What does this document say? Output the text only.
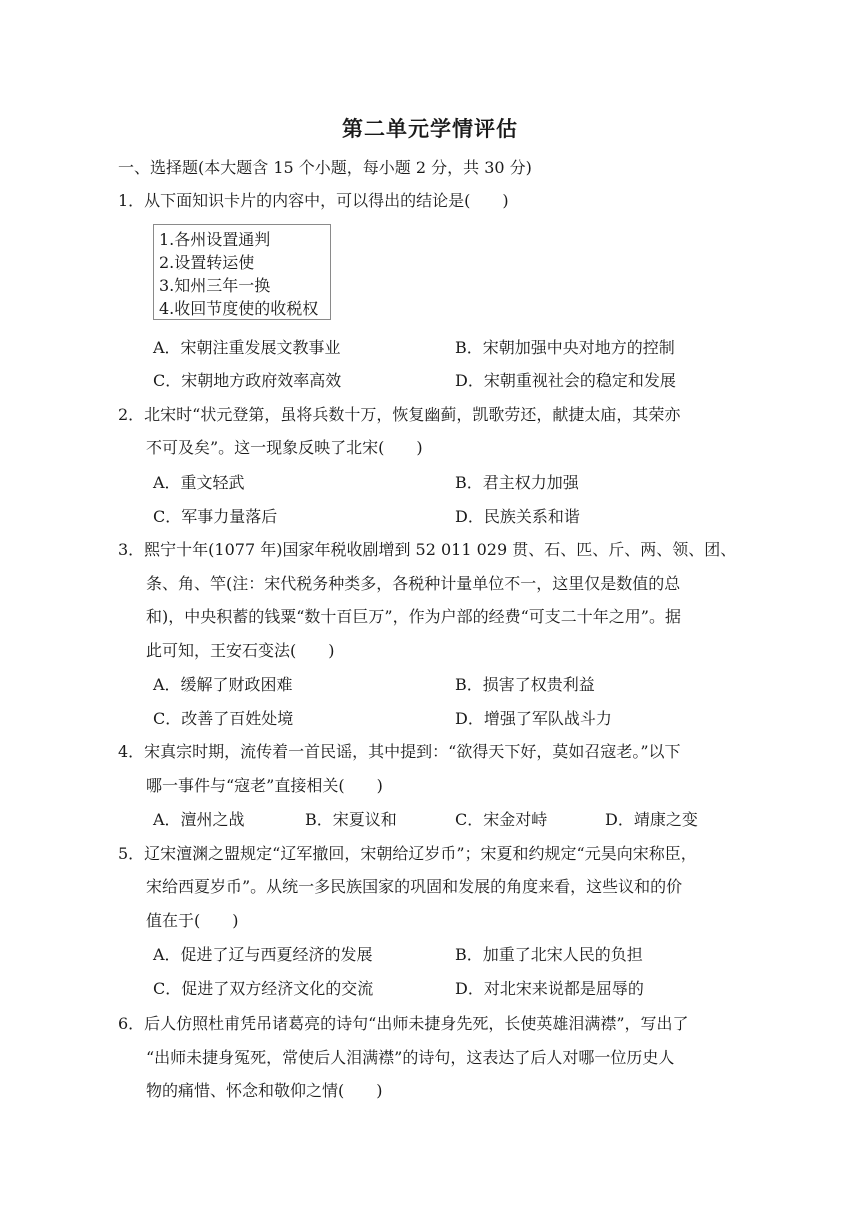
第二单元学情评估
一、选择题(本大题含 15 个小题，每小题 2 分，共 30 分)
1．从下面知识卡片的内容中，可以得出的结论是(　　)
1.各州设置通判
2.设置转运使
3.知州三年一换
4.收回节度使的收税权
A．宋朝注重发展文教事业	B．宋朝加强中央对地方的控制
C．宋朝地方政府效率高效	D．宋朝重视社会的稳定和发展
2．北宋时“状元登第，虽将兵数十万，恢复幽蓟，凯歌劳还，献捷太庙，其荣亦
不可及矣”。这一现象反映了北宋(　　)
A．重文轻武	B．君主权力加强
C．军事力量落后	D．民族关系和谐
3．熙宁十年(1077 年)国家年税收剧增到 52 011 029 贯、石、匹、斤、两、领、团、
条、角、竿(注：宋代税务种类多，各税种计量单位不一，这里仅是数值的总
和)，中央积蓄的钱粟“数十百巨万”，作为户部的经费“可支二十年之用”。据
此可知，王安石变法(　　)
A．缓解了财政困难	B．损害了权贵利益
C．改善了百姓处境	D．增强了军队战斗力
4．宋真宗时期，流传着一首民谣，其中提到：“欲得天下好，莫如召寇老。”以下
哪一事件与“寇老”直接相关(　　)
A．澶州之战	B．宋夏议和	C．宋金对峙	D．靖康之变
5．辽宋澶渊之盟规定“辽军撤回，宋朝给辽岁币”；宋夏和约规定“元昊向宋称臣，
宋给西夏岁币”。从统一多民族国家的巩固和发展的角度来看，这些议和的价
值在于(　　)
A．促进了辽与西夏经济的发展	B．加重了北宋人民的负担
C．促进了双方经济文化的交流	D．对北宋来说都是屈辱的
6．后人仿照杜甫凭吊诸葛亮的诗句“出师未捷身先死，长使英雄泪满襟”，写出了
“出师未捷身冤死，常使后人泪满襟”的诗句，这表达了后人对哪一位历史人
物的痛惜、怀念和敬仰之情(　　)
